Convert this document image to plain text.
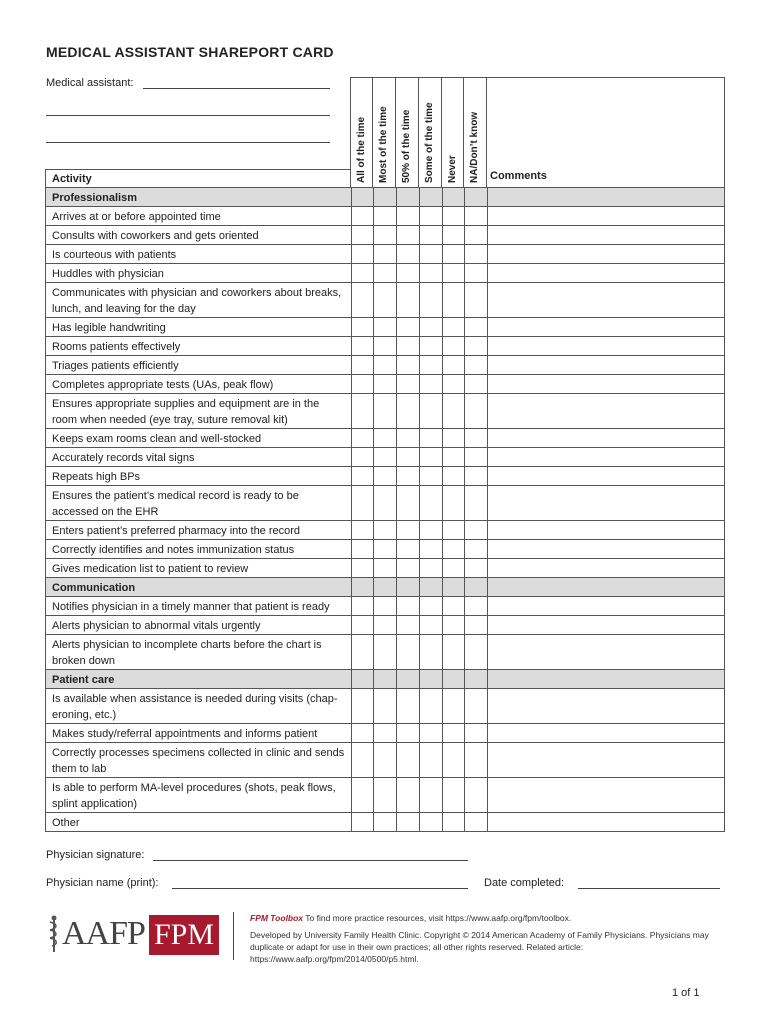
MEDICAL ASSISTANT SHAREPORT CARD
Medical assistant:
All of the time Most of the time 50% of the time Some of the time Never NA/Don’t know
Activity	Comments
Professionalism
Arrives at or before appointed time
Consults with coworkers and gets oriented
Is courteous with patients
Huddles with physician
Communicates with physician and coworkers about breaks, lunch, and leaving for the day
Has legible handwriting
Rooms patients effectively
Triages patients efficiently
Completes appropriate tests (UAs, peak flow)
Ensures appropriate supplies and equipment are in the room when needed (eye tray, suture removal kit)
Keeps exam rooms clean and well-stocked
Accurately records vital signs
Repeats high BPs
Ensures the patient’s medical record is ready to be accessed on the EHR
Enters patient’s preferred pharmacy into the record
Correctly identifies and notes immunization status
Gives medication list to patient to review
Communication
Notifies physician in a timely manner that patient is ready
Alerts physician to abnormal vitals urgently
Alerts physician to incomplete charts before the chart is broken down
Patient care
Is available when assistance is needed during visits (chap-eroning, etc.)
Makes study/referral appointments and informs patient
Correctly processes specimens collected in clinic and sends them to lab
Is able to perform MA-level procedures (shots, peak flows, splint application)
Other
Physician signature:
Physician name (print):	Date completed:
AAFP FPM	FPM Toolbox To find more practice resources, visit https://www.aafp.org/fpm/toolbox.
Developed by University Family Health Clinic. Copyright © 2014 American Academy of Family Physicians. Physicians may duplicate or adapt for use in their own practices; all other rights reserved. Related article: https://www.aafp.org/fpm/2014/0500/p5.html.
1 of 1
